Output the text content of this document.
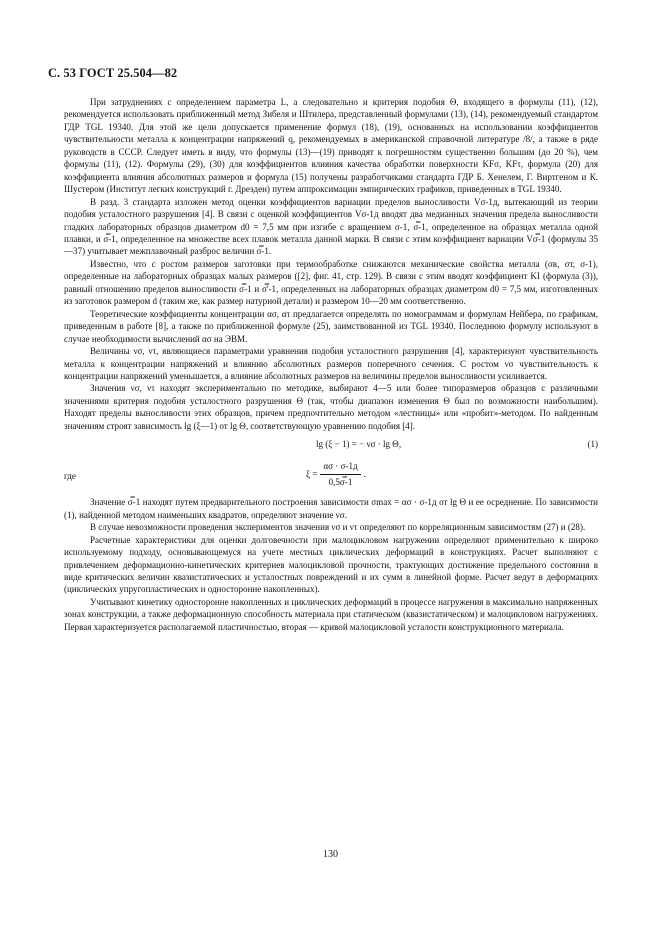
С. 53 ГОСТ 25.504—82

При затруднениях с определением параметра L, а следовательно и критерия подобия Θ, входящего в формулы (11), (12), рекомендуется использовать приближенный метод Зибеля и Штилера, представленный формулами (13), (14), рекомендуемый стандартом ГДР TGL 19340. Для этой же цели допускается применение формул (18), (19), основанных на использовании коэффициентов чувствительности металла к концентрации напряжений q, рекомендуемых в американской справочной литературе /8/, а также в ряде руководств в СССР. Следует иметь в виду, что формулы (13)—(19) приводят к погрешностям существенно большим (до 20 %), чем формулы (11), (12). Формулы (29), (30) для коэффициентов влияния качества обработки поверхности KFσ, KFτ, формула (20) для коэффициента влияния абсолютных размеров и формула (15) получены разработчиками стандарта ГДР Б. Хенелем, Г. Виртгеном и К. Шустером (Институт легких конструкций г. Дрезден) путем аппроксимации эмпирических графиков, приведенных в TGL 19340.

В разд. 3 стандарта изложен метод оценки коэффициентов вариации пределов выносливости Vσ-1д, вытекающий из теории подобия усталостного разрушения [4]. В связи с оценкой коэффициентов Vσ-1д вводят два медианных значения предела выносливости гладких лабораторных образцов диаметром d0 = 7,5 мм при изгибе с вращением σ-1, σ̿-1, определенное на образцах металла одной плавки, и σ̿-1, определенное на множестве всех плавок металла данной марки. В связи с этим коэффициент вариации Vσ̿-1 (формулы 35—37) учитывает межплавочный разброс величин σ̿-1.

Известно, что с ростом размеров заготовки при термообработке снижаются механические свойства металла (σв, σт, σ-1), определенные на лабораторных образцах малых размеров ([2], фиг. 41, стр. 129). В связи с этим вводят коэффициент KI (формула (3)), равный отношению пределов выносливости σ̿-1 и σ̿'-1, определенных на лабораторных образцах диаметром d0 = 7,5 мм, изготовленных из заготовок размером d (таким же, как размер натурной детали) и размером 10—20 мм соответственно.

Теоретические коэффициенты концентрации ασ, ατ предлагается определять по номограммам и формулам Нейбера, по графикам, приведенным в работе [8], а также по приближенной формуле (25), заимствованной из TGL 19340. Последнюю формулу используют в случае необходимости вычислений ασ на ЭВМ.

Величины νσ, ντ, являющиеся параметрами уравнения подобия усталостного разрушения [4], характеризуют чувствительность металла к концентрации напряжений и влиянию абсолютных размеров поперечного сечения. С ростом νσ чувствительность к концентрации напряжений уменьшается, а влияние абсолютных размеров на величины пределов выносливости усиливается.

Значения νσ, ντ находят экспериментально по методике, выбирают 4—5 или более типоразмеров образцов с различными значениями критерия подобия усталостного разрушения Θ (так, чтобы диапазон изменения Θ был по возможности наибольшим). Находят пределы выносливости этих образцов, причем предпочтительно методом «лестницы» или «пробит»-методом. По найденным значениям строят зависимость lg (ξ—1) от lg Θ, соответствующую уравнению подобия [4].

lg (ξ − 1) = − νσ · lg Θ,	(1)
где	$\xi = \frac{\alpha\sigma \cdot \sigma-1д}{0,5\sigma̿-1}$ .

Значение σ̿-1 находят путем предварительного построения зависимости σmax = ασ · σ-1д от lg Θ и ее осреднение. По зависимости (1), найденной методом наименьших квадратов, определяют значение νσ.

В случае невозможности проведения экспериментов значения νσ и ντ определяют по корреляционным зависимостям (27) и (28).

Расчетные характеристики для оценки долговечности при малоцикловом нагружении определяют применительно к широко используемому подходу, основывающемуся на учете местных циклических деформаций в конструкциях. Расчет выполняют с привлечением деформационно-кинетических критериев малоцикловой прочности, трактующих достижение предельного состояния в виде критических величин квазистатических и усталостных повреждений и их сумм в линейной форме. Расчет ведут в деформациях (циклических упругопластических и односторонне накопленных).

Учитывают кинетику односторонне накопленных и циклических деформаций в процессе нагружения в максимально напряженных зонах конструкции, а также деформационную способность материала при статическом (квазистатическом) и малоцикловом нагружениях. Первая характеризуется располагаемой пластичностью, вторая — кривой малоцикловой усталости конструкционного материала.

130
